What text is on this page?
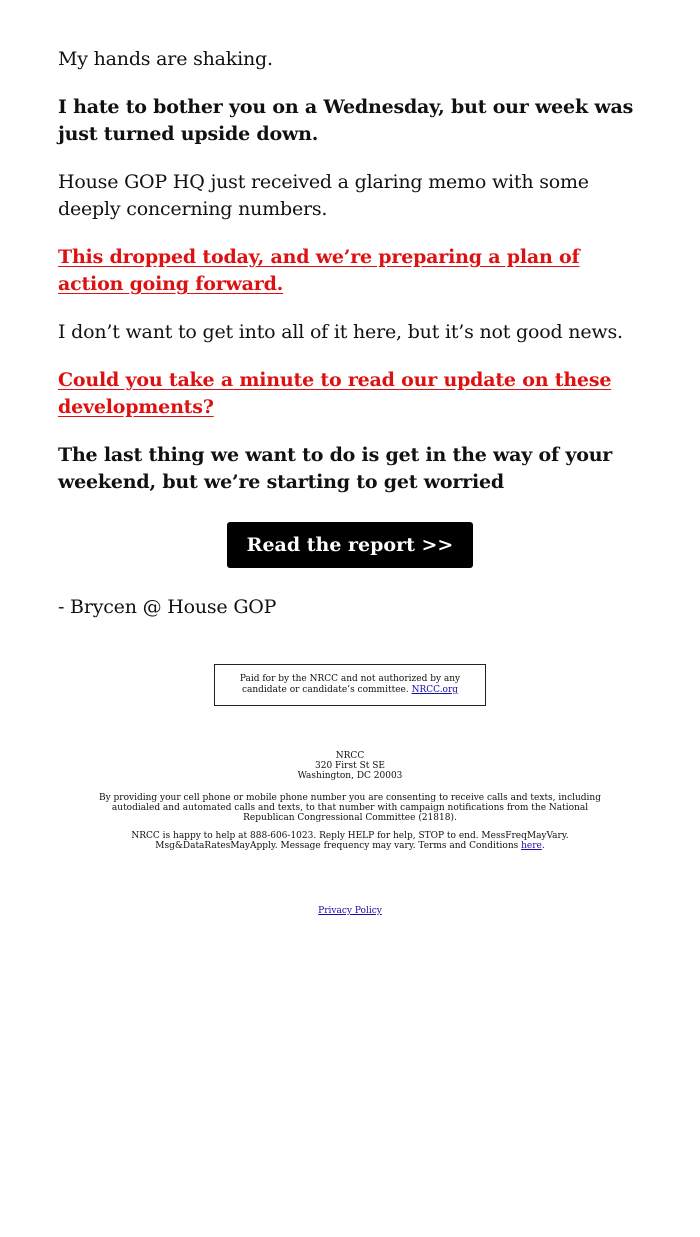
My hands are shaking.

I hate to bother you on a Wednesday, but our week was just turned upside down.

House GOP HQ just received a glaring memo with some deeply concerning numbers.

This dropped today, and we’re preparing a plan of action going forward.

I don’t want to get into all of it here, but it’s not good news.

Could you take a minute to read our update on these developments?

The last thing we want to do is get in the way of your weekend, but we’re starting to get worried

Read the report >>

- Brycen @ House GOP

Paid for by the NRCC and not authorized by any candidate or candidate’s committee. NRCC.org
NRCC
320 First St SE
Washington, DC 20003

By providing your cell phone or mobile phone number you are consenting to receive calls and texts, including autodialed and automated calls and texts, to that number with campaign notifications from the National Republican Congressional Committee (21818).

NRCC is happy to help at 888-606-1023. Reply HELP for help, STOP to end. MessFreqMayVary. Msg&DataRatesMayApply. Message frequency may vary. Terms and Conditions here.

Privacy Policy
